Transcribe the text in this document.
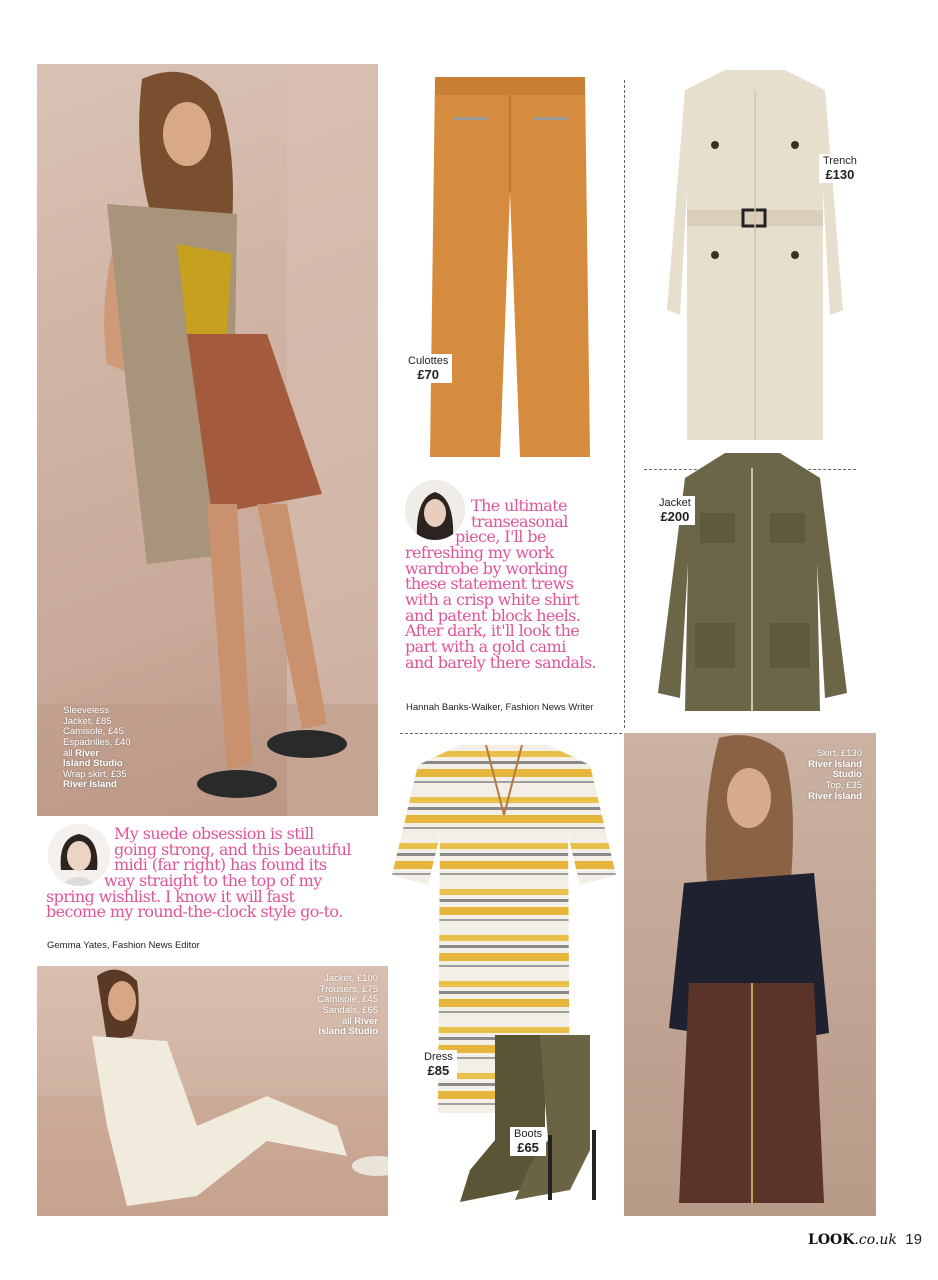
Sleeveless
Jacket, £85
Camisole, £45
Espadrilles, £40
all River
Island Studio
Wrap skirt, £35
River Island
Culottes
£70
Trench
£130
Jacket
£200
The ultimate
transeasonal
piece, I'll be
refreshing my work
wardrobe by working
these statement trews
with a crisp white shirt
and patent block heels.
After dark, it'll look the
part with a gold cami
and barely there sandals.
Hannah Banks-Walker, Fashion News Writer
My suede obsession is still
going strong, and this beautiful
midi (far right) has found its
way straight to the top of my
spring wishlist. I know it will fast
become my round-the-clock style go-to.
Gemma Yates, Fashion News Editor
Jacket, £100
Trousers, £75
Camisole, £45
Sandals, £65
all River
Island Studio
Dress
£85
Boots
£65
Skirt, £130
River Island
Studio
Top, £35
River Island
LOOK.co.uk 19
